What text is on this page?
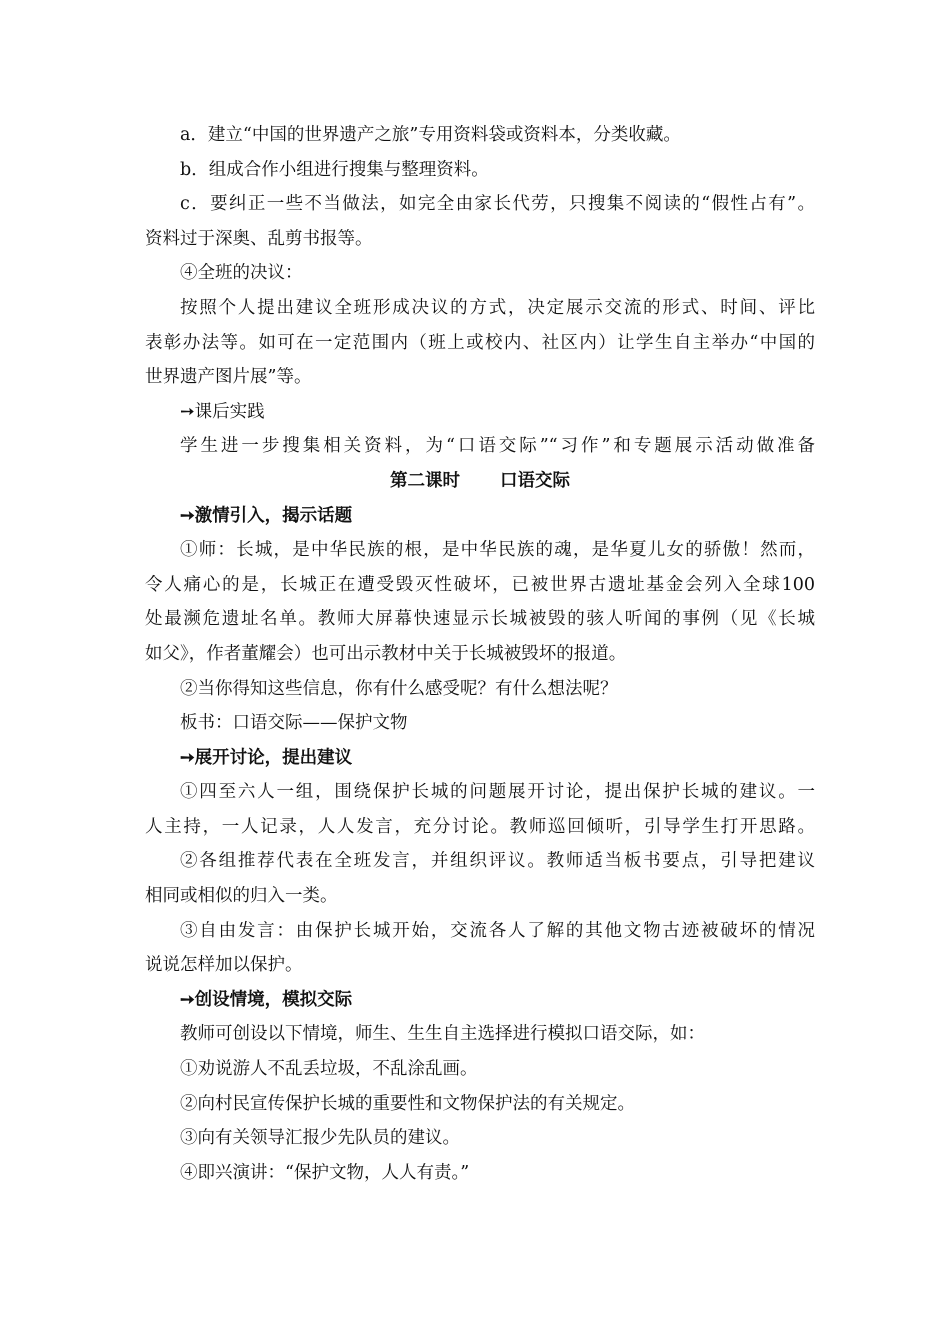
a．建立“中国的世界遗产之旅”专用资料袋或资料本，分类收藏。

b．组成合作小组进行搜集与整理资料。

c．要纠正一些不当做法，如完全由家长代劳，只搜集不阅读的“假性占有”。

资料过于深奥、乱剪书报等。

④全班的决议：

按照个人提出建议全班形成决议的方式，决定展示交流的形式、时间、评比

表彰办法等。如可在一定范围内（班上或校内、社区内）让学生自主举办“中国的

世界遗产图片展”等。

➙课后实践

学生进一步搜集相关资料，为“口语交际”“习作”和专题展示活动做准备

第二课时 口语交际

➙激情引入，揭示话题

①师：长城，是中华民族的根，是中华民族的魂，是华夏儿女的骄傲！然而，

令人痛心的是，长城正在遭受毁灭性破坏，已被世界古遗址基金会列入全球100

处最濒危遗址名单。教师大屏幕快速显示长城被毁的骇人听闻的事例（见《长城

如父》，作者董耀会）也可出示教材中关于长城被毁坏的报道。

②当你得知这些信息，你有什么感受呢？有什么想法呢？

板书：口语交际——保护文物

➙展开讨论，提出建议

①四至六人一组，围绕保护长城的问题展开讨论，提出保护长城的建议。一

人主持，一人记录，人人发言，充分讨论。教师巡回倾听，引导学生打开思路。

②各组推荐代表在全班发言，并组织评议。教师适当板书要点，引导把建议

相同或相似的归入一类。

③自由发言：由保护长城开始，交流各人了解的其他文物古迹被破坏的情况

说说怎样加以保护。

➙创设情境，模拟交际

教师可创设以下情境，师生、生生自主选择进行模拟口语交际，如：

①劝说游人不乱丢垃圾，不乱涂乱画。

②向村民宣传保护长城的重要性和文物保护法的有关规定。

③向有关领导汇报少先队员的建议。

④即兴演讲：“保护文物，人人有责。”
